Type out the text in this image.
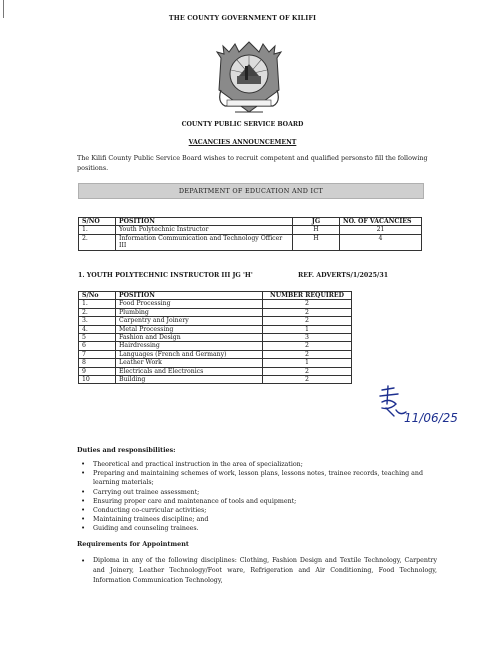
THE COUNTY GOVERNMENT OF KILIFI
COUNTY PUBLIC SERVICE BOARD
VACANCIES ANNOUNCEMENT
The Kilifi County Public Service Board wishes to recruit competent and qualified personsto fill the following positions.
DEPARTMENT OF EDUCATION AND ICT
S/NO	POSITION	JG	NO. OF VACANCIES
1.	Youth Polytechnic Instructor	H	21
2.	Information Communication and Technology Officer III	H	4
1. YOUTH POLYTECHNIC INSTRUCTOR III JG 'H'	REF. ADVERTS/1/2025/31
S/No	POSITION	NUMBER REQUIRED
1.	Food Processing	2
2.	Plumbing	2
3.	Carpentry and Joinery	2
4.	Metal Processing	1
5	Fashion and Design	3
6	Hairdressing	2
7	Languages (French and Germany)	2
8	Leather Work	1
9	Electricals and Electronics	2
10	Building	2
11/06/25
Duties and responsibilities:
• Theoretical and practical instruction in the area of specialization;
• Preparing and maintaining schemes of work, lesson plans, lessons notes, trainee records, teaching and learning materials;
• Carrying out trainee assessment;
• Ensuring proper care and maintenance of tools and equipment;
• Conducting co-curricular activities;
• Maintaining trainees discipline; and
• Guiding and counseling trainees.
Requirements for Appointment
• Diploma in any of the following disciplines: Clothing, Fashion Design and Textile Technology, Carpentry and Joinery, Leather Technology/Foot ware, Refrigeration and Air Conditioning, Food Technology, Information Communication Technology,
